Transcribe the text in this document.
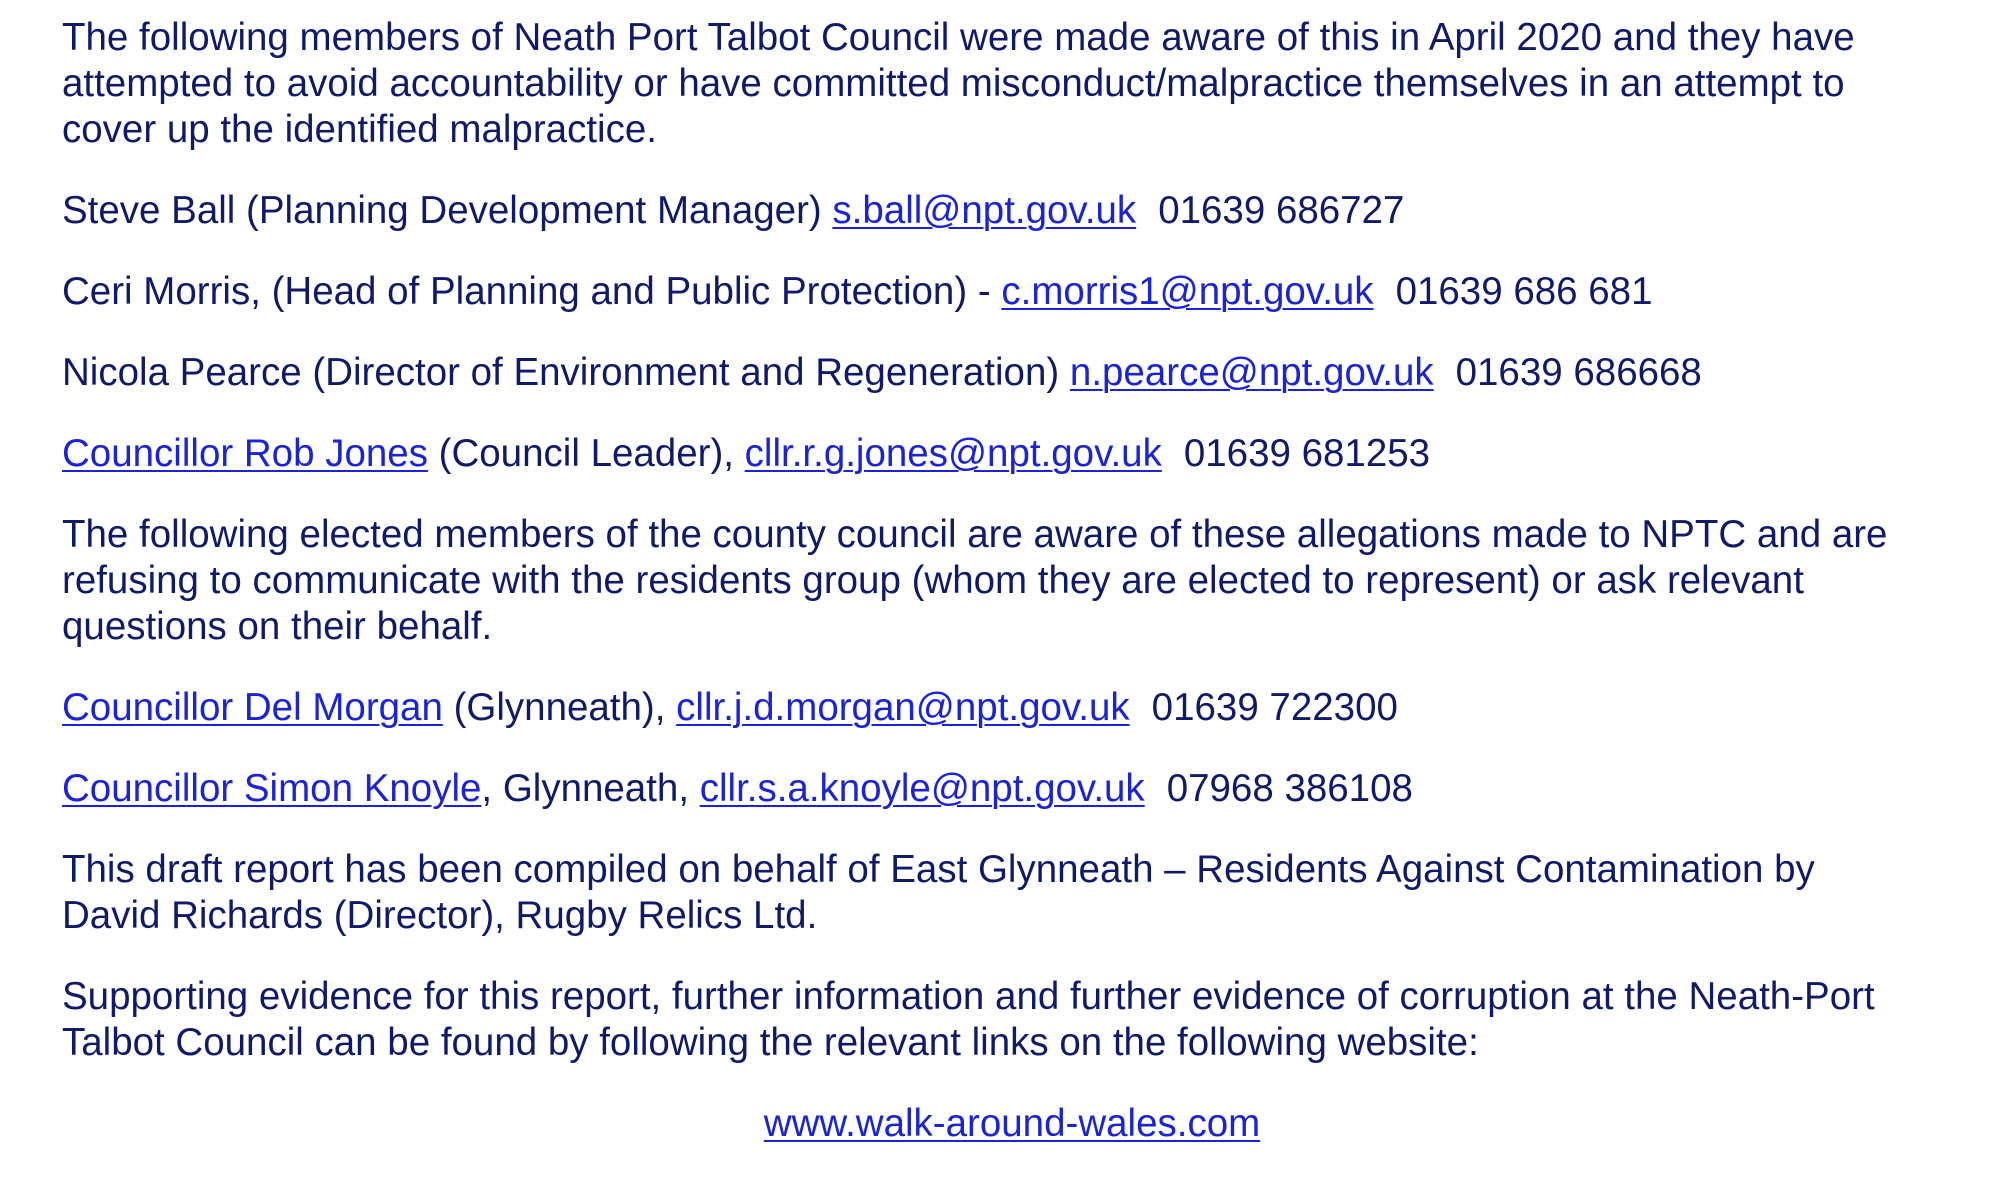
The following members of Neath Port Talbot Council were made aware of this in April 2020 and they have
attempted to avoid accountability or have committed misconduct/malpractice themselves in an attempt to
cover up the identified malpractice.

Steve Ball (Planning Development Manager) s.ball@npt.gov.uk 01639 686727

Ceri Morris, (Head of Planning and Public Protection) - c.morris1@npt.gov.uk 01639 686 681

Nicola Pearce (Director of Environment and Regeneration) n.pearce@npt.gov.uk 01639 686668

Councillor Rob Jones (Council Leader), cllr.r.g.jones@npt.gov.uk 01639 681253

The following elected members of the county council are aware of these allegations made to NPTC and are
refusing to communicate with the residents group (whom they are elected to represent) or ask relevant
questions on their behalf.

Councillor Del Morgan (Glynneath), cllr.j.d.morgan@npt.gov.uk 01639 722300

Councillor Simon Knoyle, Glynneath, cllr.s.a.knoyle@npt.gov.uk 07968 386108

This draft report has been compiled on behalf of East Glynneath – Residents Against Contamination by
David Richards (Director), Rugby Relics Ltd.

Supporting evidence for this report, further information and further evidence of corruption at the Neath-Port
Talbot Council can be found by following the relevant links on the following website:

www.walk-around-wales.com
